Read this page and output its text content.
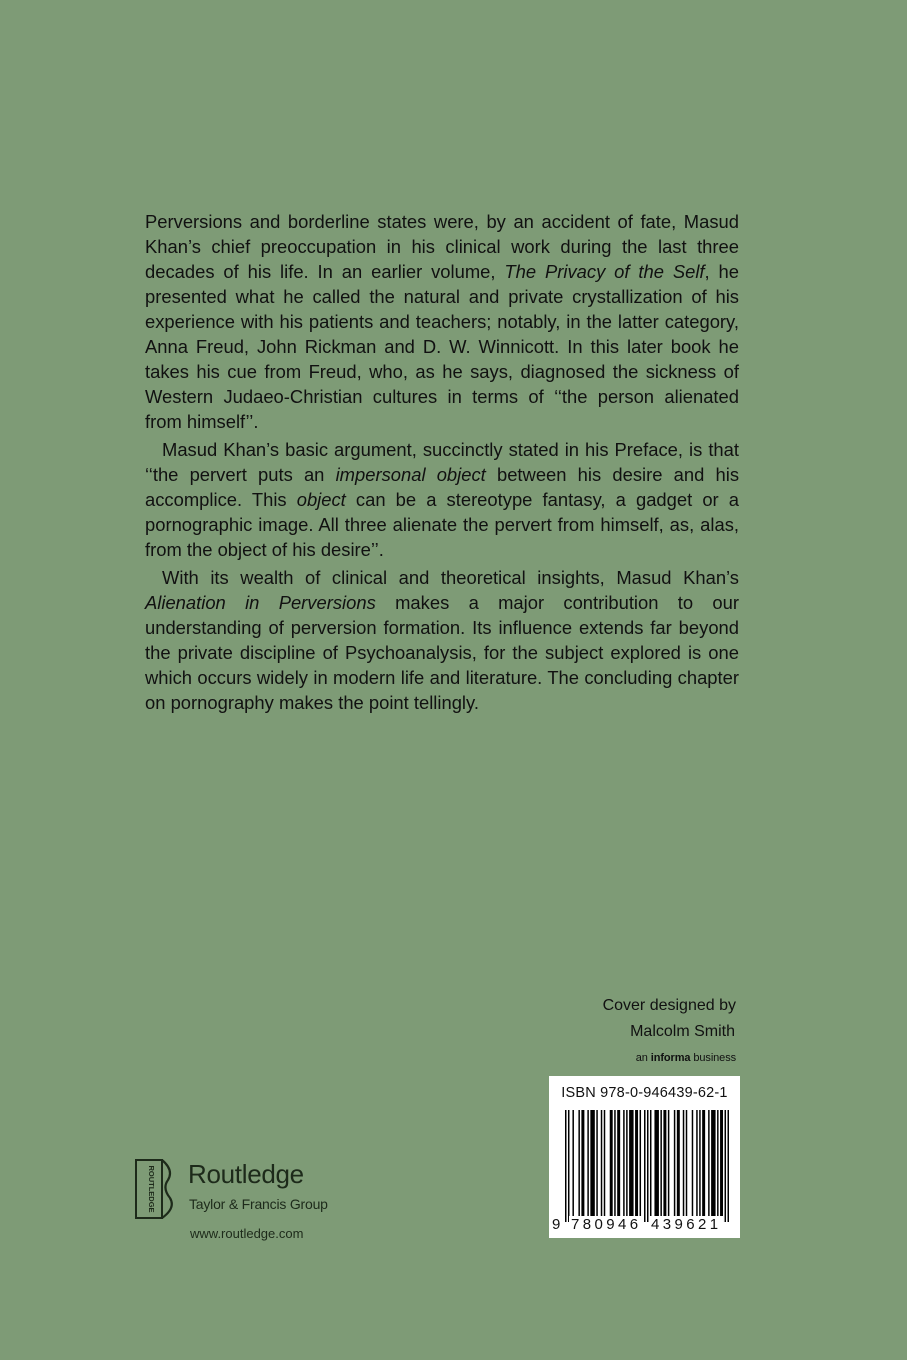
Perversions and borderline states were, by an accident of fate, Masud Khan’s chief preoccupation in his clinical work during the last three decades of his life. In an earlier volume, The Privacy of the Self, he presented what he called the natural and private crystallization of his experience with his patients and teachers; notably, in the latter category, Anna Freud, John Rickman and D. W. Winnicott. In this later book he takes his cue from Freud, who, as he says, diagnosed the sickness of Western Judaeo-Christian cultures in terms of ‘‘the person alienated from himself’’.

Masud Khan’s basic argument, succinctly stated in his Preface, is that ‘‘the pervert puts an impersonal object between his desire and his accomplice. This object can be a stereotype fantasy, a gadget or a pornographic image. All three alienate the pervert from himself, as, alas, from the object of his desire’’.

With its wealth of clinical and theoretical insights, Masud Khan’s Alienation in Perversions makes a major contribution to our understanding of perversion formation. Its influence extends far beyond the private discipline of Psychoanalysis, for the subject explored is one which occurs widely in modern life and literature. The concluding chapter on pornography makes the point tellingly.

Cover designed by
Malcolm Smith
an informa business
ISBN 978-0-946439-62-1
9 780946 439621
ROUTLEDGE Routledge
Taylor & Francis Group
www.routledge.com
